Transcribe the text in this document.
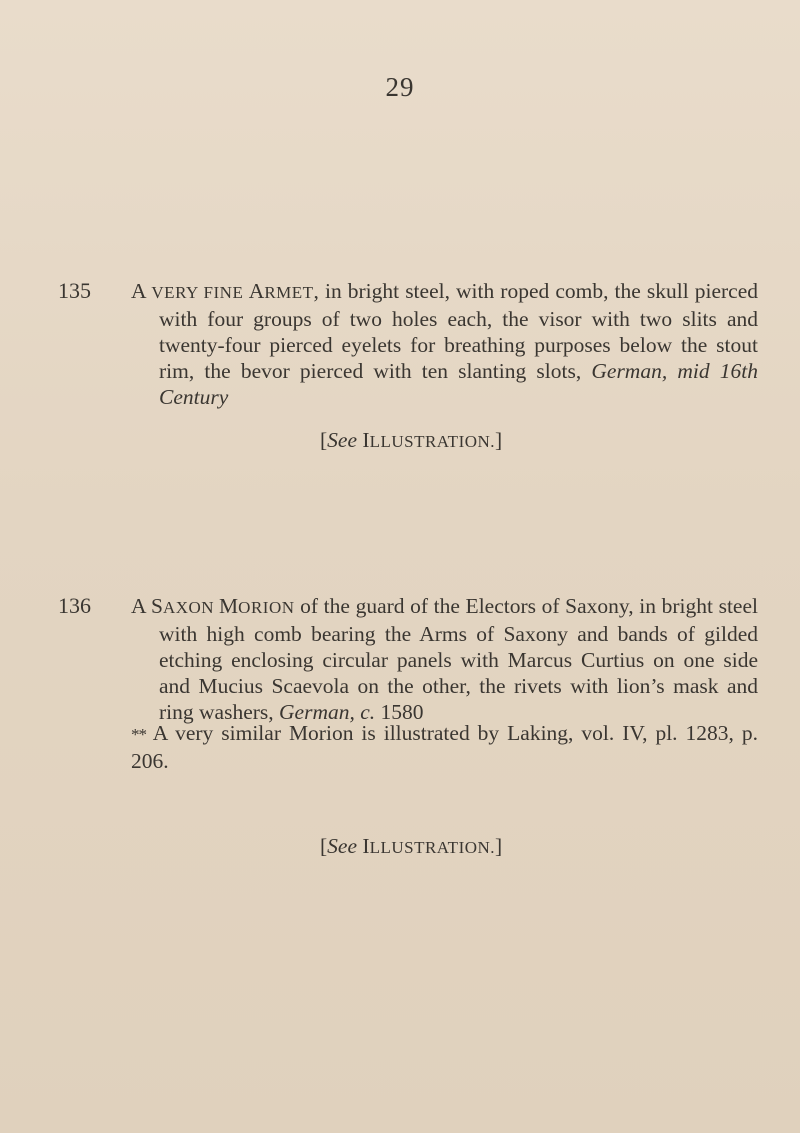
29
135 A VERY FINE ARMET, in bright steel, with roped comb, the skull pierced with four groups of two holes each, the visor with two slits and twenty-four pierced eyelets for breathing purposes below the stout rim, the bevor pierced with ten slanting slots, German, mid 16th Century
[See ILLUSTRATION.]
136 A SAXON MORION of the guard of the Electors of Saxony, in bright steel with high comb bearing the Arms of Saxony and bands of gilded etching enclosing circular panels with Marcus Curtius on one side and Mucius Scaevola on the other, the rivets with lion’s mask and ring washers, German, c. 1580
** A very similar Morion is illustrated by Laking, vol. IV, pl. 1283, p. 206.
[See ILLUSTRATION.]
